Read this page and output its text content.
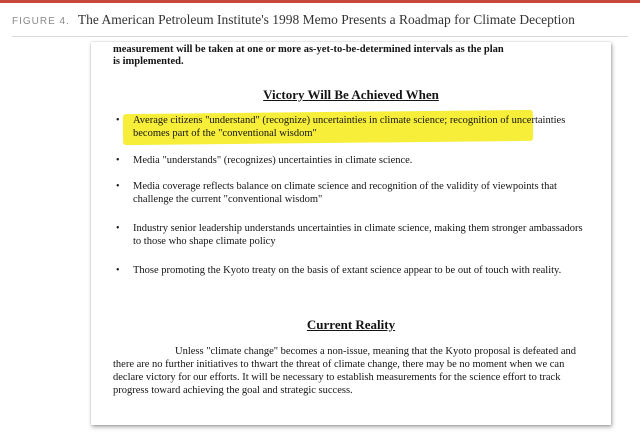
FIGURE 4. The American Petroleum Institute's 1998 Memo Presents a Roadmap for Climate Deception
measurement will be taken at one or more as-yet-to-be-determined intervals as the plan
is implemented.
Victory Will Be Achieved When
• Average citizens "understand" (recognize) uncertainties in climate science; recognition of uncertainties becomes part of the "conventional wisdom"
• Media "understands" (recognizes) uncertainties in climate science.
• Media coverage reflects balance on climate science and recognition of the validity of viewpoints that challenge the current "conventional wisdom"
• Industry senior leadership understands uncertainties in climate science, making them stronger ambassadors to those who shape climate policy
• Those promoting the Kyoto treaty on the basis of extant science appear to be out of touch with reality.
Current Reality
Unless "climate change" becomes a non-issue, meaning that the Kyoto proposal is defeated and there are no further initiatives to thwart the threat of climate change, there may be no moment when we can declare victory for our efforts. It will be necessary to establish measurements for the science effort to track progress toward achieving the goal and strategic success.
